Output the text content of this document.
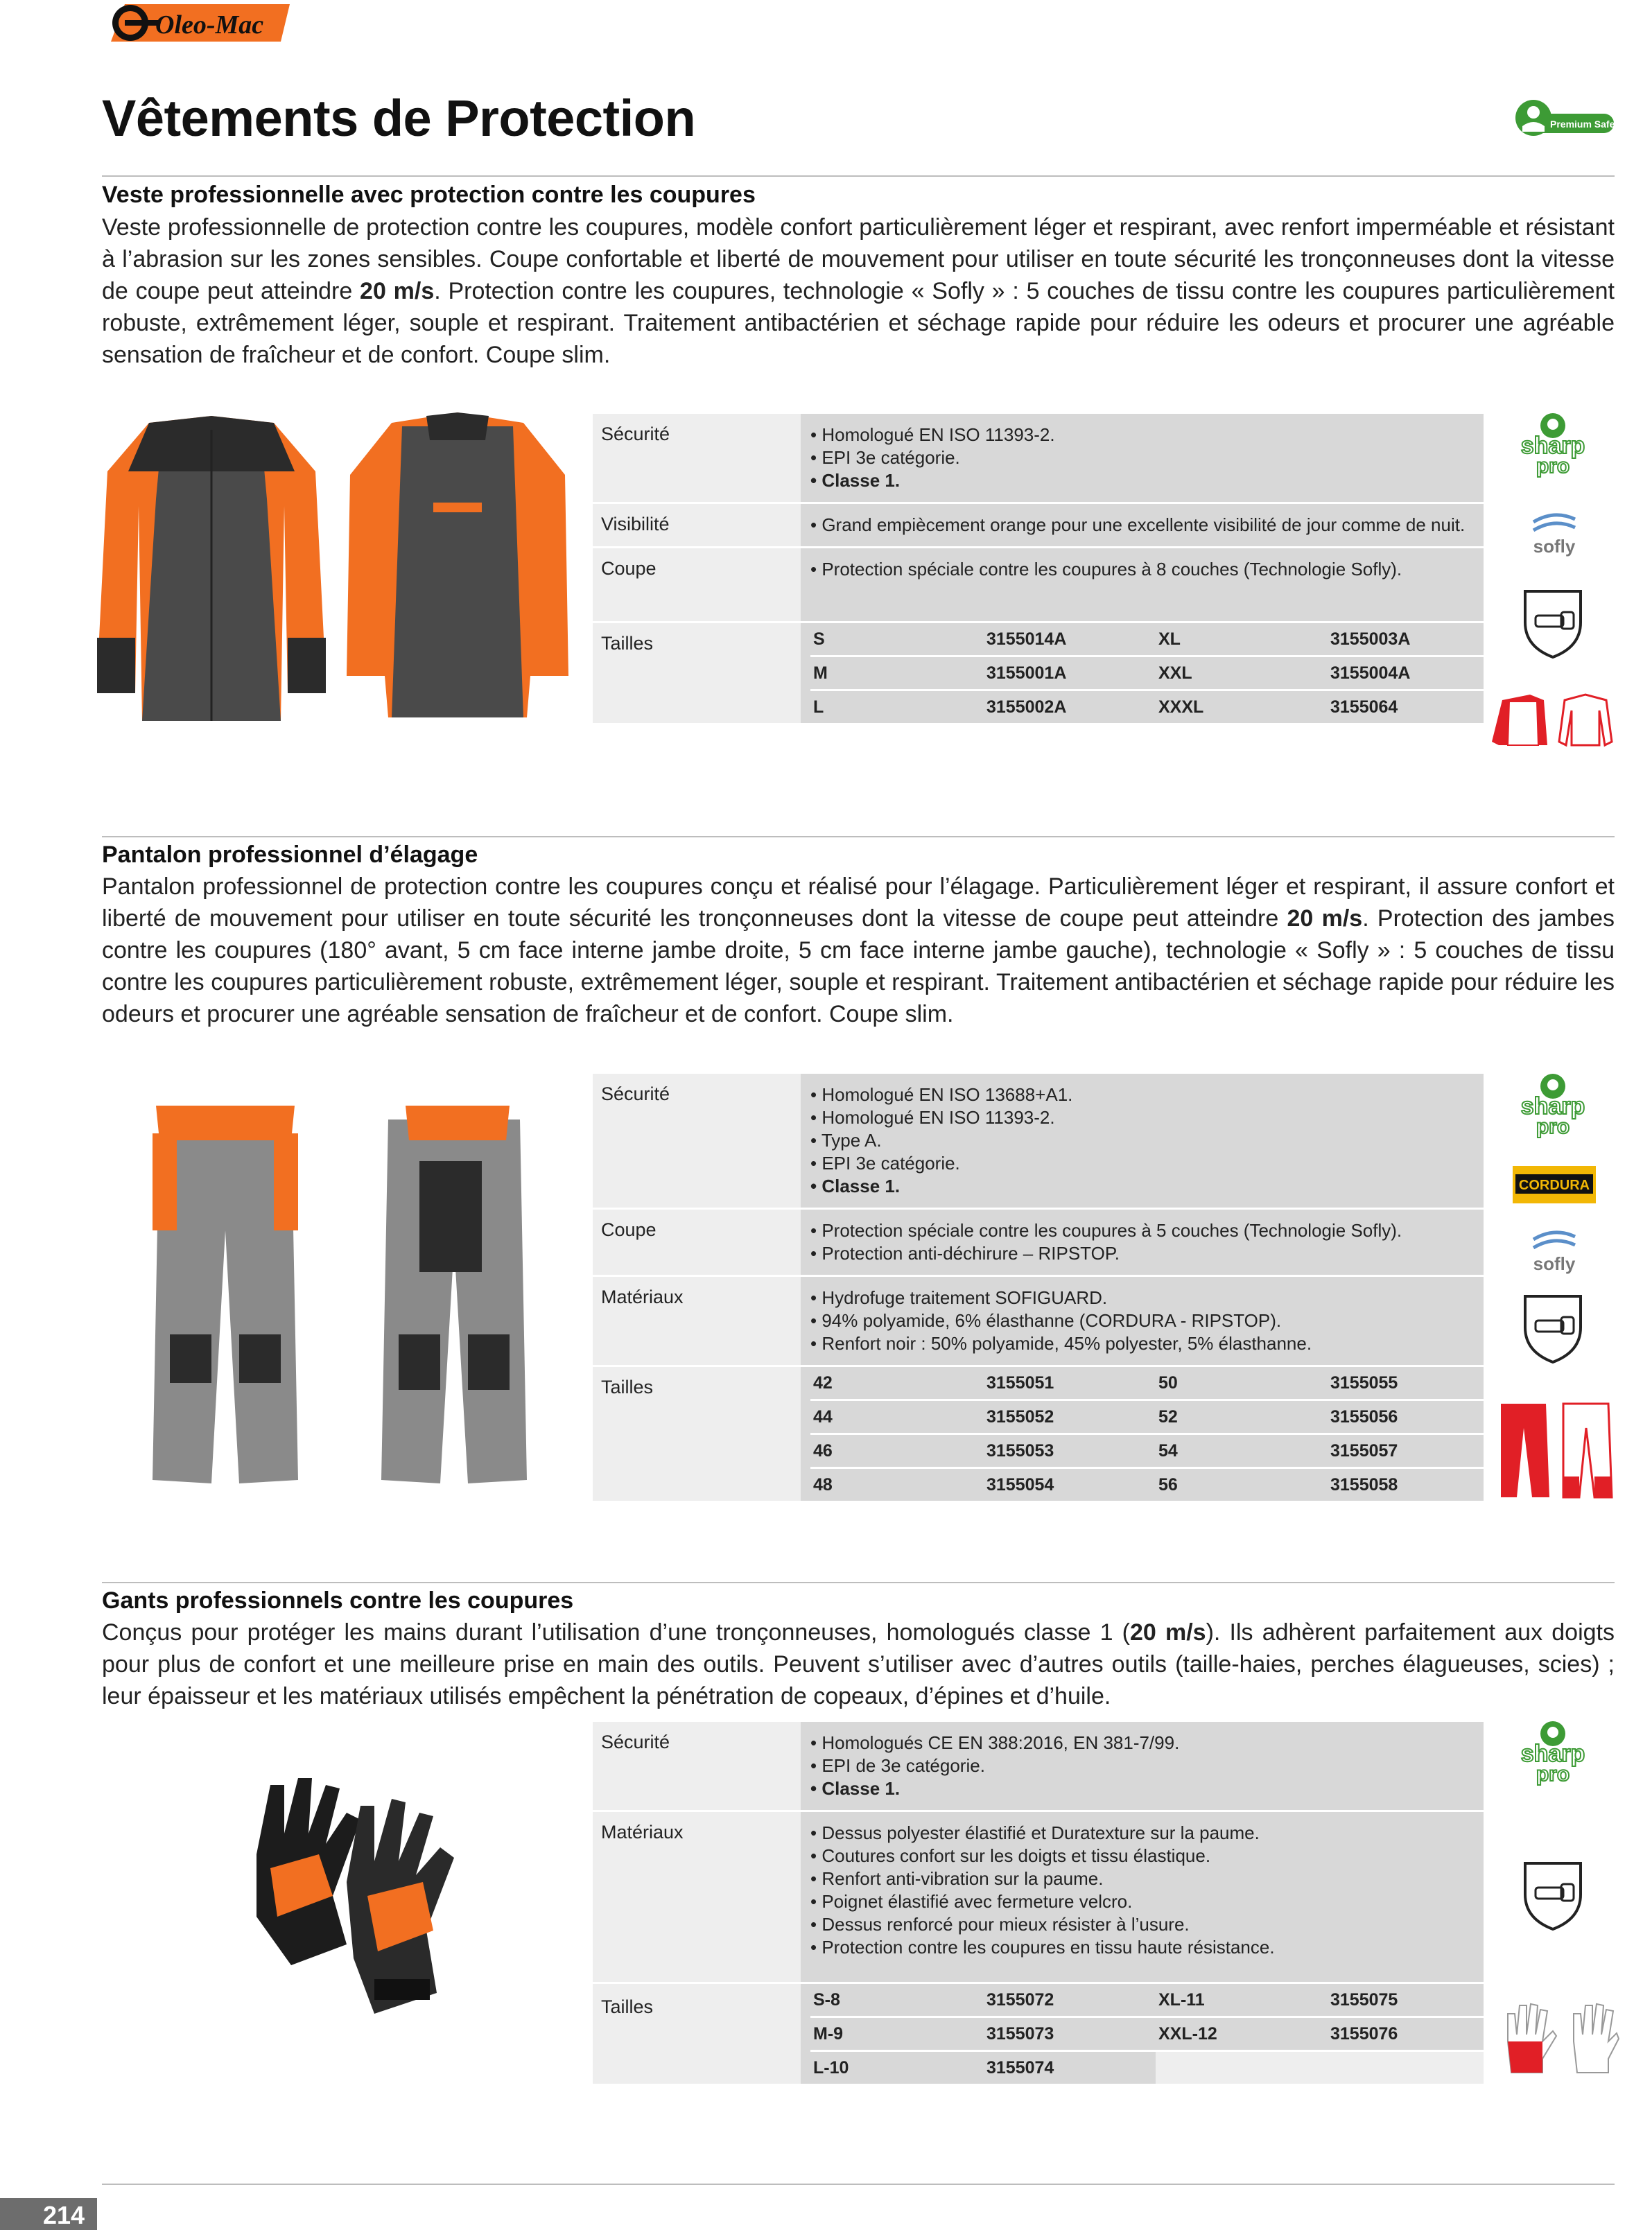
Oleo-Mac
Vêtements de Protection	Premium Safety
Veste professionnelle avec protection contre les coupures
Veste professionnelle de protection contre les coupures, modèle confort particulièrement léger et respirant, avec renfort imperméable et résistant à l’abrasion sur les zones sensibles. Coupe confortable et liberté de mouvement pour utiliser en toute sécurité les tronçonneuses dont la vitesse de coupe peut atteindre 20 m/s. Protection contre les coupures, technologie « Sofly » : 5 couches de tissu contre les coupures particulièrement robuste, extrêmement léger, souple et respirant. Traitement antibactérien et séchage rapide pour réduire les odeurs et procurer une agréable sensation de fraîcheur et de confort. Coupe slim.
Sécurité	• Homologué EN ISO 11393-2.
• EPI 3e catégorie.
• Classe 1.
Visibilité	• Grand empiècement orange pour une excellente visibilité de jour comme de nuit.
Coupe	• Protection spéciale contre les coupures à 8 couches (Technologie Sofly).
Tailles	S	3155014A	XL	3155003A
M	3155001A	XXL	3155004A
L	3155002A	XXXL	3155064
sharp
pro
sofly
Pantalon professionnel d’élagage
Pantalon professionnel de protection contre les coupures conçu et réalisé pour l’élagage. Particulièrement léger et respirant, il assure confort et liberté de mouvement pour utiliser en toute sécurité les tronçonneuses dont la vitesse de coupe peut atteindre 20 m/s. Protection des jambes contre les coupures (180° avant, 5 cm face interne jambe droite, 5 cm face interne jambe gauche), technologie « Sofly » : 5 couches de tissu contre les coupures particulièrement robuste, extrêmement léger, souple et respirant. Traitement antibactérien et séchage rapide pour réduire les odeurs et procurer une agréable sensation de fraîcheur et de confort. Coupe slim.
Sécurité	• Homologué EN ISO 13688+A1.
• Homologué EN ISO 11393-2.
• Type A.
• EPI 3e catégorie.
• Classe 1.
Coupe	• Protection spéciale contre les coupures à 5 couches (Technologie Sofly).
• Protection anti-déchirure – RIPSTOP.
Matériaux	• Hydrofuge traitement SOFIGUARD.
• 94% polyamide, 6% élasthanne (CORDURA - RIPSTOP).
• Renfort noir : 50% polyamide, 45% polyester, 5% élasthanne.
Tailles	42	3155051	50	3155055
44	3155052	52	3155056
46	3155053	54	3155057
48	3155054	56	3155058
sharp
pro
CORDURA
sofly
Gants professionnels contre les coupures
Conçus pour protéger les mains durant l’utilisation d’une tronçonneuses, homologués classe 1 (20 m/s). Ils adhèrent parfaitement aux doigts pour plus de confort et une meilleure prise en main des outils. Peuvent s’utiliser avec d’autres outils (taille-haies, perches élagueuses, scies) ; leur épaisseur et les matériaux utilisés empêchent la pénétration de copeaux, d’épines et d’huile.
Sécurité	• Homologués CE EN 388:2016, EN 381-7/99.
• EPI de 3e catégorie.
• Classe 1.
Matériaux	• Dessus polyester élastifié et Duratexture sur la paume.
• Coutures confort sur les doigts et tissu élastique.
• Renfort anti-vibration sur la paume.
• Poignet élastifié avec fermeture velcro.
• Dessus renforcé pour mieux résister à l’usure.
• Protection contre les coupures en tissu haute résistance.
Tailles	S-8	3155072	XL-11	3155075
M-9	3155073	XXL-12	3155076
L-10	3155074
sharp
pro
214
